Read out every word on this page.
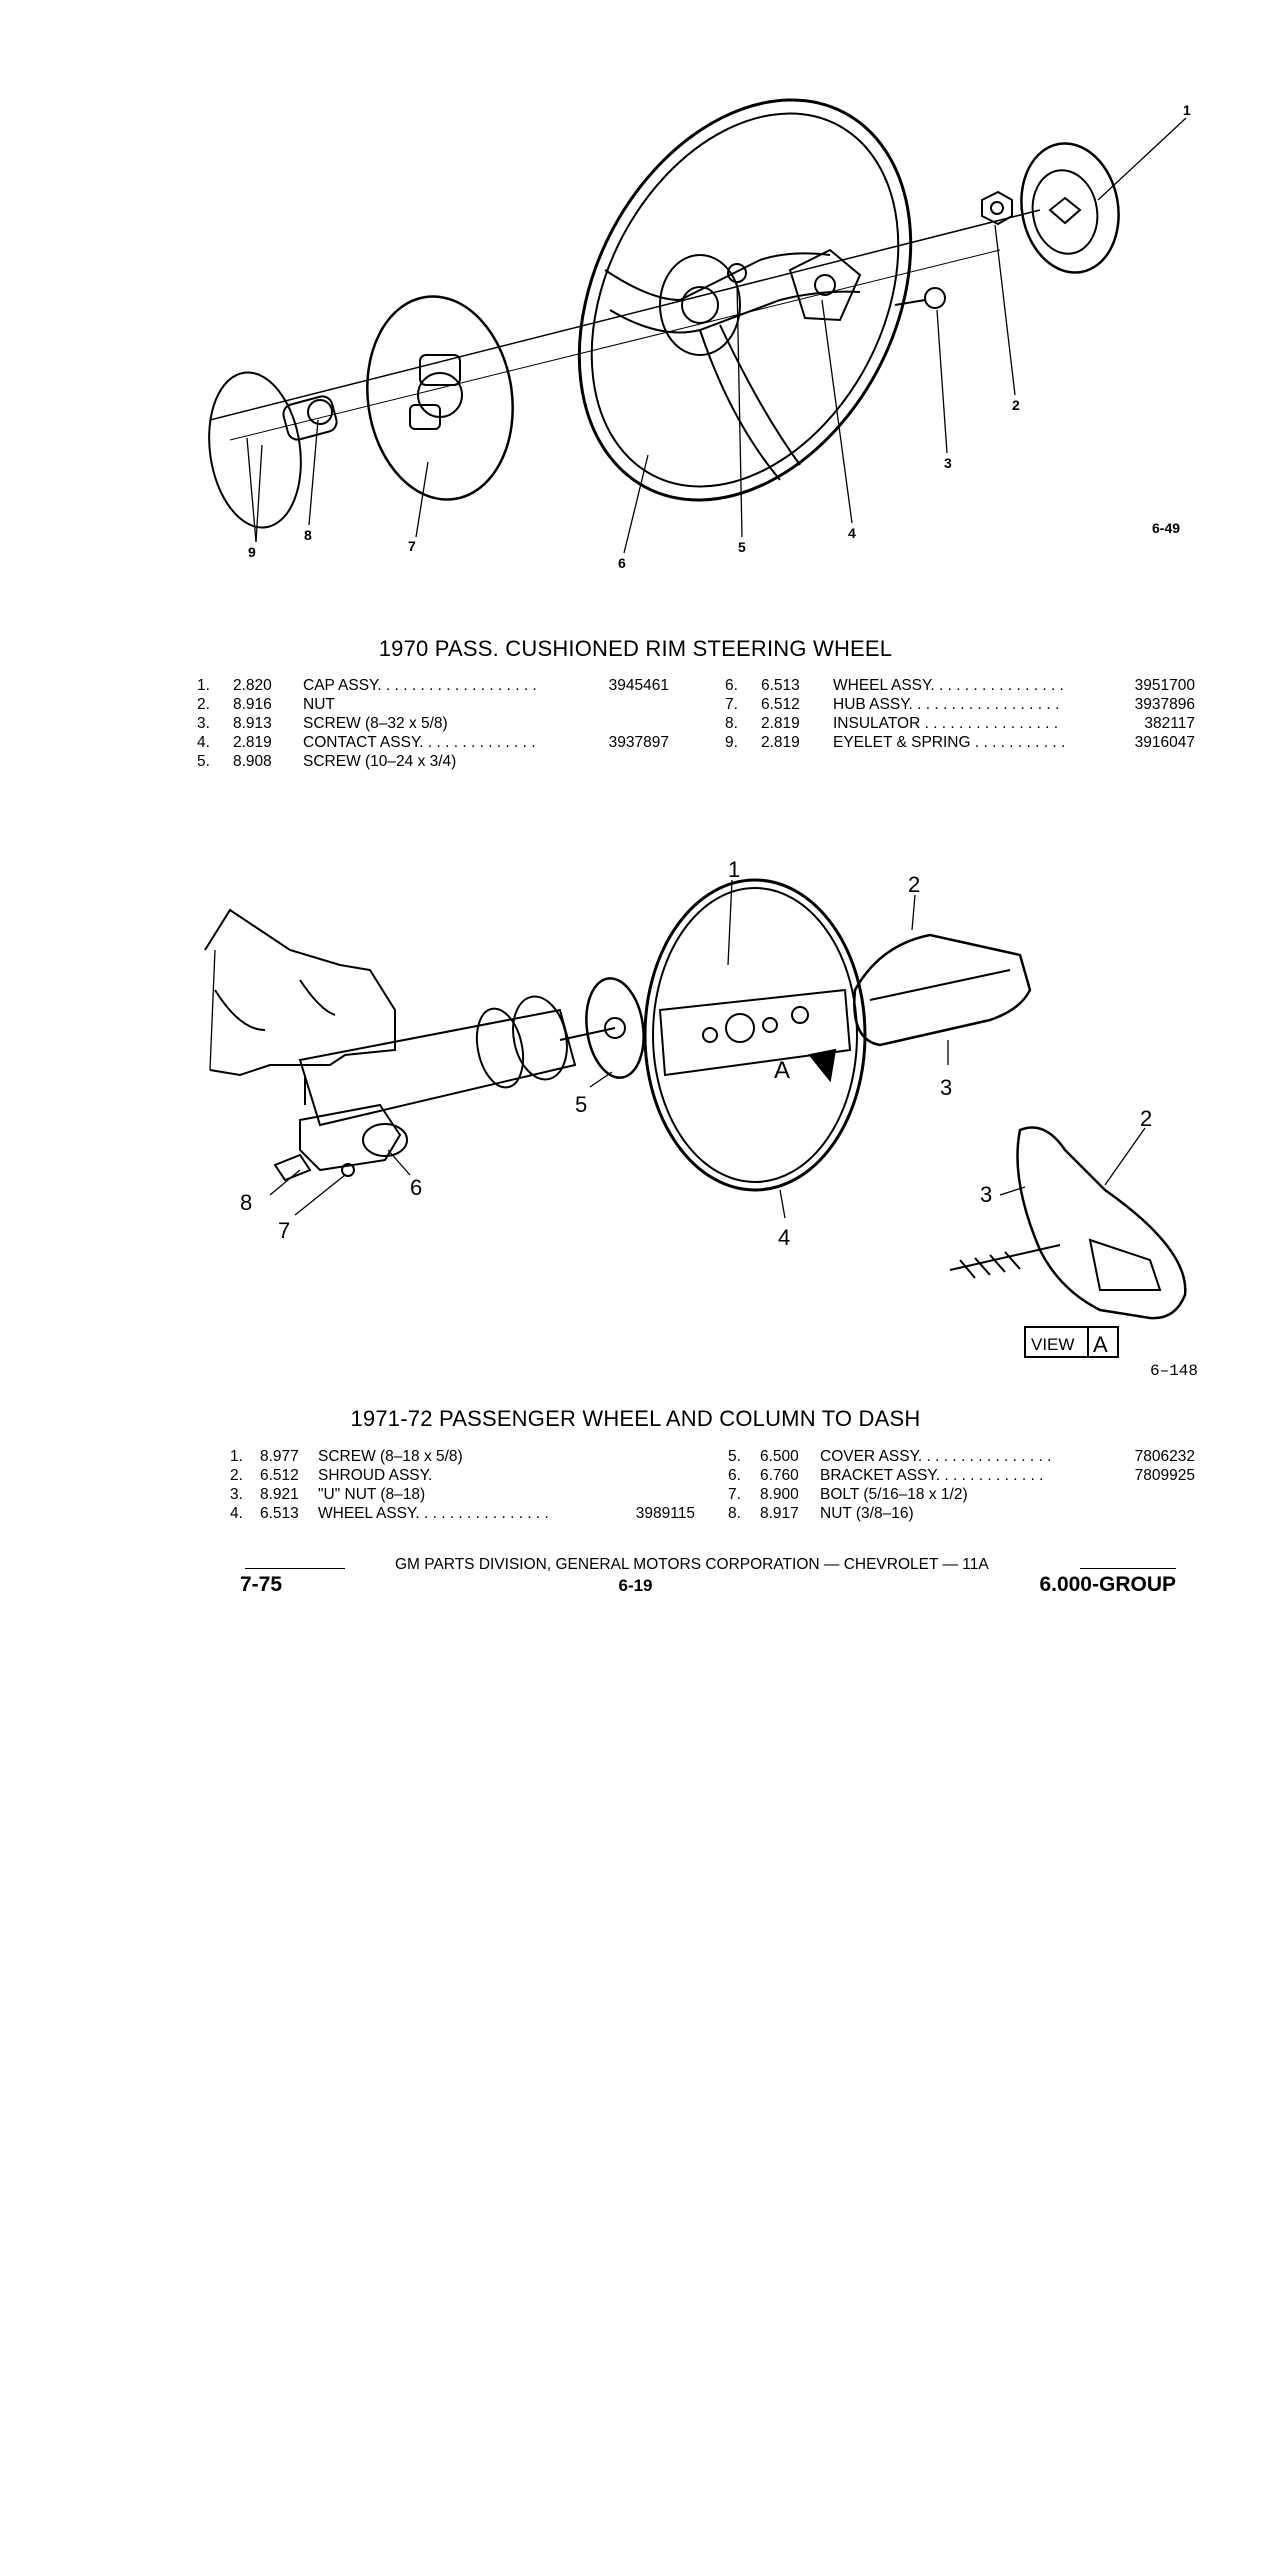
1
2
3
4
5
6
7
8
9
6-49
1970 PASS. CUSHIONED RIM STEERING WHEEL
1. 2.820 CAP ASSY. . . . . . . . . . . . . . . . . . .	3945461
2. 8.916 NUT
3. 8.913 SCREW (8–32 x 5/8)
4. 2.819 CONTACT ASSY. . . . . . . . . . . . . .	3937897
5. 8.908 SCREW (10–24 x 3/4)
6. 6.513 WHEEL ASSY. . . . . . . . . . . . . . . .	3951700
7. 6.512 HUB ASSY. . . . . . . . . . . . . . . . . .	3937896
8. 2.819 INSULATOR . . . . . . . . . . . . . . . .	382117
9. 2.819 EYELET & SPRING . . . . . . . . . . .	3916047
1
2
3
4
5
6
7
8
A
2
3
VIEW A
6–148
1971-72 PASSENGER WHEEL AND COLUMN TO DASH
1. 8.977 SCREW (8–18 x 5/8)
2. 6.512 SHROUD ASSY.
3. 8.921 "U" NUT (8–18)
4. 6.513 WHEEL ASSY. . . . . . . . . . . . . . . .	3989115
5. 6.500 COVER ASSY. . . . . . . . . . . . . . . .	7806232
6. 6.760 BRACKET ASSY. . . . . . . . . . . . .	7809925
7. 8.900 BOLT (5/16–18 x 1/2)
8. 8.917 NUT (3/8–16)
GM PARTS DIVISION, GENERAL MOTORS CORPORATION — CHEVROLET — 11A
7-75	6-19	6.000-GROUP
